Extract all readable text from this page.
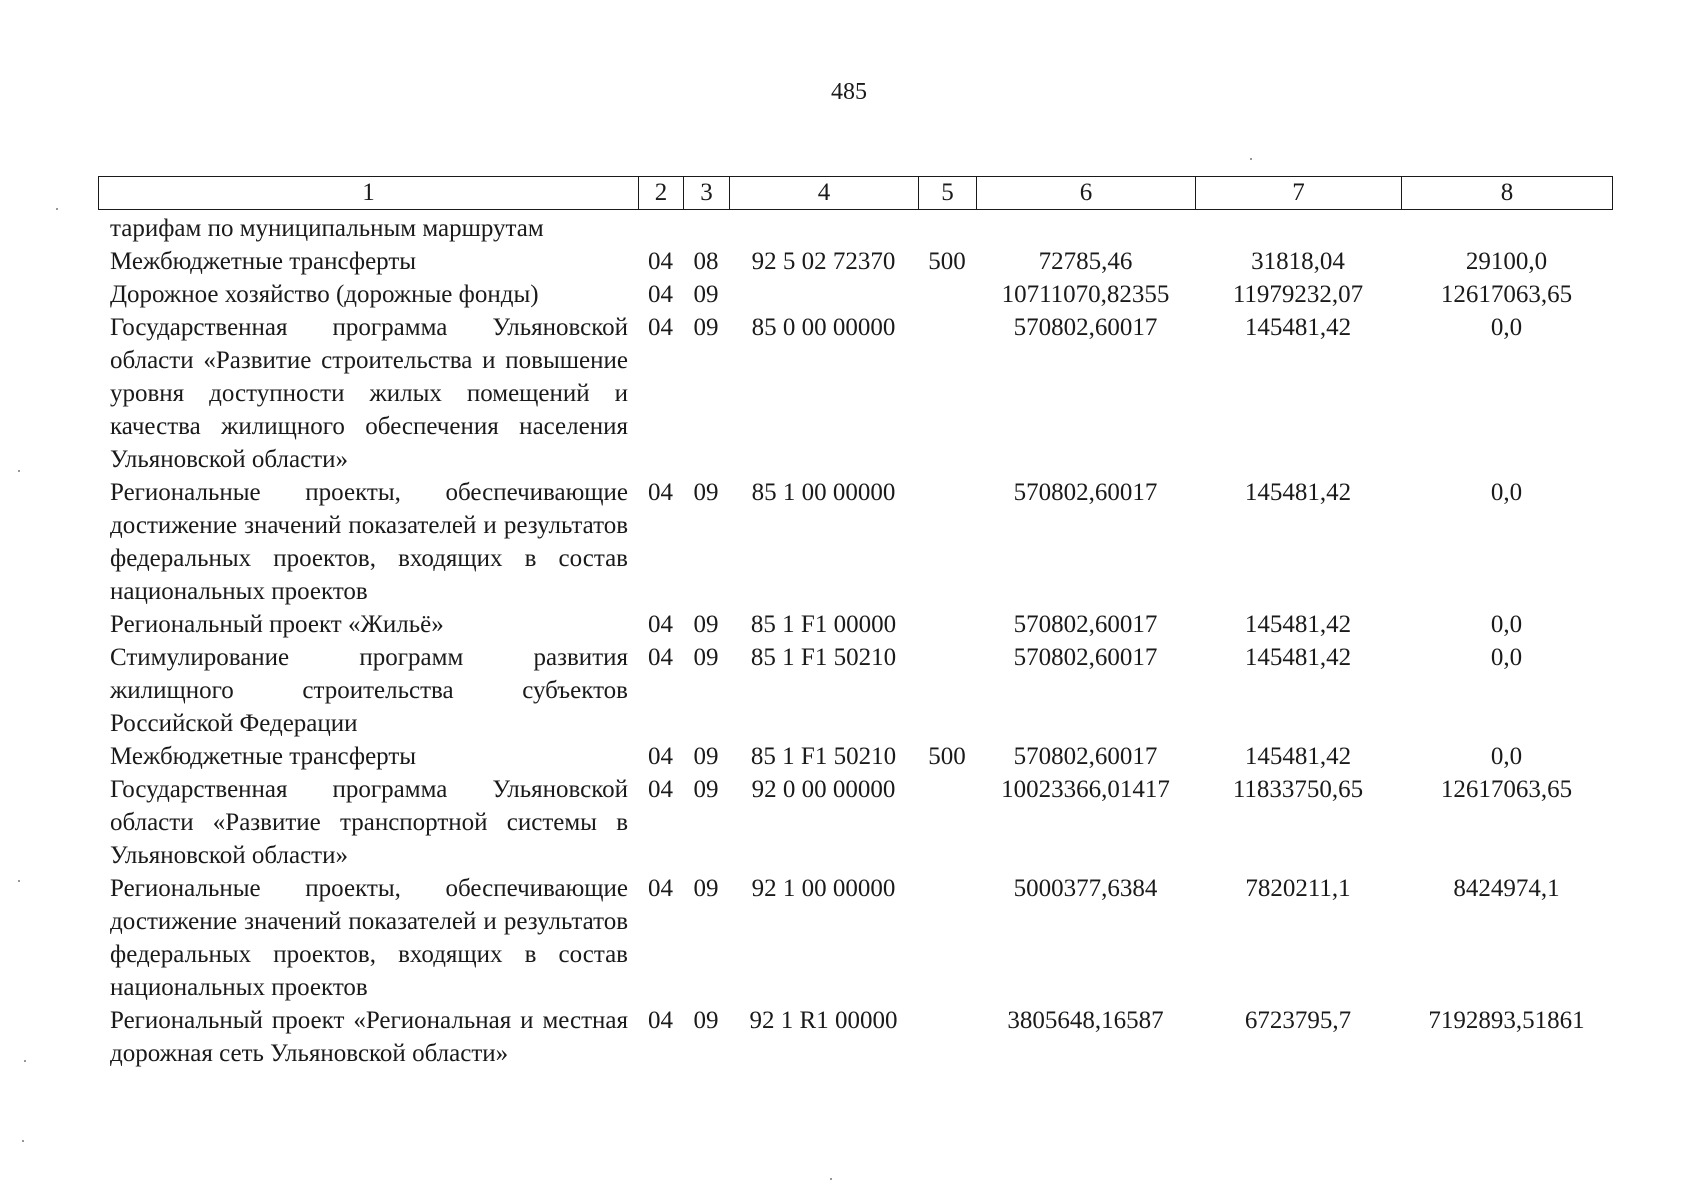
485
1	2	3	4	5	6	7	8
тарифам по муниципальным маршрутам							
Межбюджетные трансферты	04	08	92 5 02 72370	500	72785,46	31818,04	29100,0
Дорожное хозяйство (дорожные фонды)	04	09			10711070,82355	11979232,07	12617063,65
Государственная программа Ульяновской области «Развитие строительства и повышение уровня доступности жилых помещений и качества жилищного обеспечения населения Ульяновской области»	04	09	85 0 00 00000		570802,60017	145481,42	0,0
Региональные проекты, обеспечивающие достижение значений показателей и результатов федеральных проектов, входящих в состав национальных проектов	04	09	85 1 00 00000		570802,60017	145481,42	0,0
Региональный проект «Жильё»	04	09	85 1 F1 00000		570802,60017	145481,42	0,0
Стимулирование программ развития жилищного строительства субъектов Российской Федерации	04	09	85 1 F1 50210		570802,60017	145481,42	0,0
Межбюджетные трансферты	04	09	85 1 F1 50210	500	570802,60017	145481,42	0,0
Государственная программа Ульяновской области «Развитие транспортной системы в Ульяновской области»	04	09	92 0 00 00000		10023366,01417	11833750,65	12617063,65
Региональные проекты, обеспечивающие достижение значений показателей и результатов федеральных проектов, входящих в состав национальных проектов	04	09	92 1 00 00000		5000377,6384	7820211,1	8424974,1
Региональный проект «Региональная и местная дорожная сеть Ульяновской области»	04	09	92 1 R1 00000		3805648,16587	6723795,7	7192893,51861
